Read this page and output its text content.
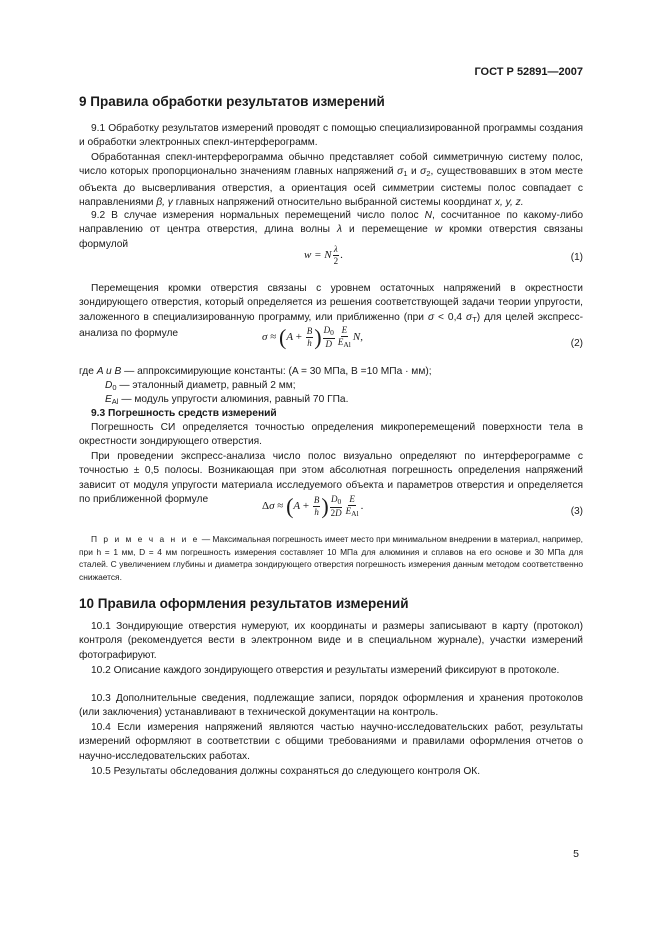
ГОСТ Р 52891—2007
9 Правила обработки результатов измерений
9.1 Обработку результатов измерений проводят с помощью специализированной программы создания и обработки электронных спекл-интерферограмм.
Обработанная спекл-интерферограмма обычно представляет собой симметричную систему полос, число которых пропорционально значениям главных напряжений $\sigma_1$ и $\sigma_2$, существовавших в этом месте объекта до высверливания отверстия, а ориентация осей симметрии системы полос совпадает с направлениями β, γ главных напряжений относительно выбранной системы координат x, y, z.
9.2 В случае измерения нормальных перемещений число полос N, сосчитанное по какому-либо направлению от центра отверстия, длина волны λ и перемещение w кромки отверстия связаны формулой
w = N $\frac{\lambda}{2}$ .	(1)
Перемещения кромки отверстия связаны с уровнем остаточных напряжений в окрестности зондирующего отверстия, который определяется из решения соответствующей задачи теории упругости, заложенного в специализированную программу, или приближенно (при σ < 0,4 $\sigma_T$) для целей экспресс-анализа по формуле	$\sigma \approx (A + \frac{B}{h}$ ) $\frac{D_0}{D} \frac{E}{E_{Al}} N$,
(2)
где A и B — аппроксимирующие константы: (A = 30 МПа, B =10 МПа · мм);
$D_0$ — эталонный диаметр, равный 2 мм;
$E_{Al}$ — модуль упругости алюминия, равный 70 ГПа.
9.3 Погрешность средств измерений
Погрешность СИ определяется точностью определения микроперемещений поверхности тела в окрестности зондирующего отверстия.
При проведении экспресс-анализа число полос визуально определяют по интерферограмме с точностью ± 0,5 полосы. Возникающая при этом абсолютная погрешность определения напряжений зависит от модуля упругости материала исследуемого объекта и параметров отверстия и определяется по приближенной формуле
$\Delta\sigma \approx (A + \frac{B}{h}$ ) $\frac{D_0}{2D} \frac{E}{E_{Al}}$ .	(3)
П р и м е ч а н и е — Максимальная погрешность имеет место при минимальном внедрении в материал, например, при h = 1 мм, D = 4 мм погрешность измерения составляет 10 МПа для алюминия и сплавов на его основе и 30 МПа для сталей. С увеличением глубины и диаметра зондирующего отверстия погрешность измерения данным методом соответственно снижается.
10 Правила оформления результатов измерений
10.1 Зондирующие отверстия нумеруют, их координаты и размеры записывают в карту (протокол) контроля (рекомендуется вести в электронном виде и в специальном журнале), участки измерений фотографируют.
10.2 Описание каждого зондирующего отверстия и результаты измерений фиксируют в протоколе.
10.3 Дополнительные сведения, подлежащие записи, порядок оформления и хранения протоколов (или заключения) устанавливают в технической документации на контроль.
10.4 Если измерения напряжений являются частью научно-исследовательских работ, результаты измерений оформляют в соответствии с общими требованиями и правилами оформления отчетов о научно-исследовательских работах.
10.5 Результаты обследования должны сохраняться до следующего контроля ОК.
5
